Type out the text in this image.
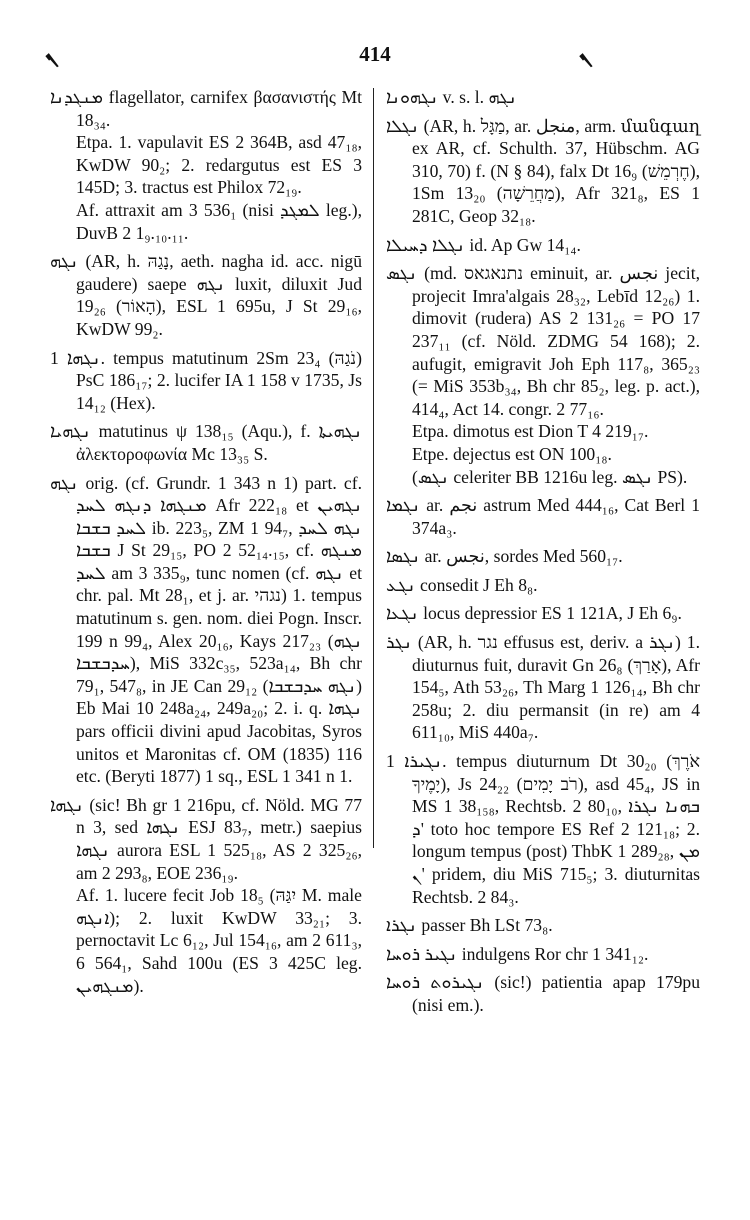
ܢ	414	ܢ

ܡܢܓܕܢܐ flagellator, carnifex βασανιστής Mt 18₃₄.

Etpa. 1. vapulavit ES 2 364B, asd 47₁₈, KwDW 90₂; 2. redargutus est ES 3 145D; 3. tractus est Philox 72₁₉.

Af. attraxit am 3 536₁ (nisi ܠܡܓܕ leg.), DuvB 2 1₉.₁₀.₁₁.

ܢܓܗ (AR, h. נָגַהּ, aeth. nagha id. acc. nigū gaudere) saepe ܢܓܗ luxit, diluxit Jud 19₂₆ (הָאוֹר), ESL 1 695u, J St 29₁₆, KwDW 99₂.

ܢܓܗܐ 1. tempus matutinum 2Sm 23₄ (נֹגַהּ) PsC 186₁₇; 2. lucifer IA 1 158 v 1735, Js 14₁₂ (Hex).

ܢܓܗܝܐ matutinus ψ 138₁₅ (Aqu.), f. ܢܓܗܝܬܐ ἀλεκτοροφωνία Mc 13₃₅ S.

ܢܓܗ orig. (cf. Grundr. 1 343 n 1) part. cf. ܡܢܓܗܐ ܕܢܓܗ ܠܚܕ Afr 222₁₈ et ܢܓܗܝܢ ܠܚܕ ܒܫܒܐ ib. 223₅, ZM 1 94₇, ܢܓܗ ܠܚܕ ܒܫܒܐ J St 29₁₅, PO 2 52₁₄.₁₅, cf. ܡܢܓܗ ܠܚܕ am 3 335₉, tunc nomen (cf. ܢܓܗ et chr. pal. Mt 28₁, et j. ar. נגהי) 1. tempus matutinum s. gen. nom. diei Pogn. Inscr. 199 n 99₄, Alex 20₁₆, Kays 217₂₃ (ܢܓܗ ܚܕܒܫܒܐ), MiS 332c₃₅, 523a₁₄, Bh chr 79₁, 547₈, in JE Can 29₁₂ (ܢܓܗ ܚܕܒܫܒܐ) Eb Mai 10 248a₂₄, 249a₂₀; 2. i. q. ܢܓܗܐ pars officii divini apud Jacobitas, Syros unitos et Maronitas cf. OM (1835) 116 etc. (Beryti 1877) 1 sq., ESL 1 341 n 1.

ܢܓܗܐ (sic! Bh gr 1 216pu, cf. Nöld. MG 77 n 3, sed ܢܓܗܐ ESJ 83₇, metr.) saepius ܢܓܗܐ aurora ESL 1 525₁₈, AS 2 325₂₆, am 2 293₈, EOE 236₁₉.

Af. 1. lucere fecit Job 18₅ (יִגַּהּ M. male ܐܢܓܗ); 2. luxit KwDW 33₂₁; 3. pernoctavit Lc 6₁₂, Jul 154₁₆, am 2 611₃, 6 564₁, Sahd 100u (ES 3 425C leg. ܡܢܓܗܝܢ).

ܢܓܗܘܢܐ v. s. l. ܢܓܗ

ܢܓܠܐ (AR, h. מַגָּל, ar. منجل, arm. մանգաղ ex AR, cf. Schulth. 37, Hübschm. AG 310, 70) f. (N § 84), falx Dt 16₉ (חֶרְמֵשׁ), 1Sm 13₂₀ (מַחֲרֵשָׁה), Afr 321₈, ES 1 281C, Geop 32₁₈.

ܢܓܠܐ ܕܚܝܠܐ id. Ap Gw 14₁₄.

ܢܓܣ (md. נתנאגאס eminuit, ar. نجس jecit, projecit Imra'algais 28₃₂, Lebīd 12₂₆) 1. dimovit (rudera) AS 2 131₂₆ = PO 17 237₁₁ (cf. Nöld. ZDMG 54 168); 2. aufugit, emigravit Joh Eph 117₈, 365₂₃ (= MiS 353b₃₄, Bh chr 85₂, leg. p. act.), 414₄, Act 14. congr. 2 77₁₆.

Etpa. dimotus est Dion T 4 219₁₇.

Etpe. dejectus est ON 100₁₈.

(ܢܓܣ celeriter BB 1216u leg. ܢܓܣ PS).

ܢܓܡܐ ar. نجم astrum Med 444₁₆, Cat Berl 1 374a₃.

ܢܓܣܐ ar. نجس, sordes Med 560₁₇.

ܢܓܥ consedit J Eh 8₈.

ܢܓܥܐ locus depressior ES 1 121A, J Eh 6₉.

ܢܓܪ (AR, h. נגר effusus est, deriv. a ܢܓܪ) 1. diuturnus fuit, duravit Gn 26₈ (אָרַךְ), Afr 154₅, Ath 53₂₆, Th Marg 1 126₁₄, Bh chr 258u; 2. diu permansit (in re) am 4 611₁₀, MiS 440a₇.

ܢܓܝܪܐ 1. tempus diuturnum Dt 30₂₀ (אֹרֶךְ יָמֶיךָ), Js 24₂₂ (רֹב יָמִים), asd 45₄, JS in MS 1 38₁₅₈, Rechtsb. 2 80₁₀, ܒܗܢܐ ܢܓܪܐ ܕ' toto hoc tempore ES Ref 2 121₁₈; 2. longum tempus (post) ThbK 1 289₂₈, ܡܢ ܢ' pridem, diu MiS 715₅; 3. diuturnitas Rechtsb. 2 84₃.

ܢܓܪܐ passer Bh LSt 73₈.

ܢܓܝܪ ܪܘܚܐ indulgens Ror chr 1 341₁₂.

ܢܓܝܪܘܬ ܪܘܚܐ (sic!) patientia apap 179pu (nisi em.).
